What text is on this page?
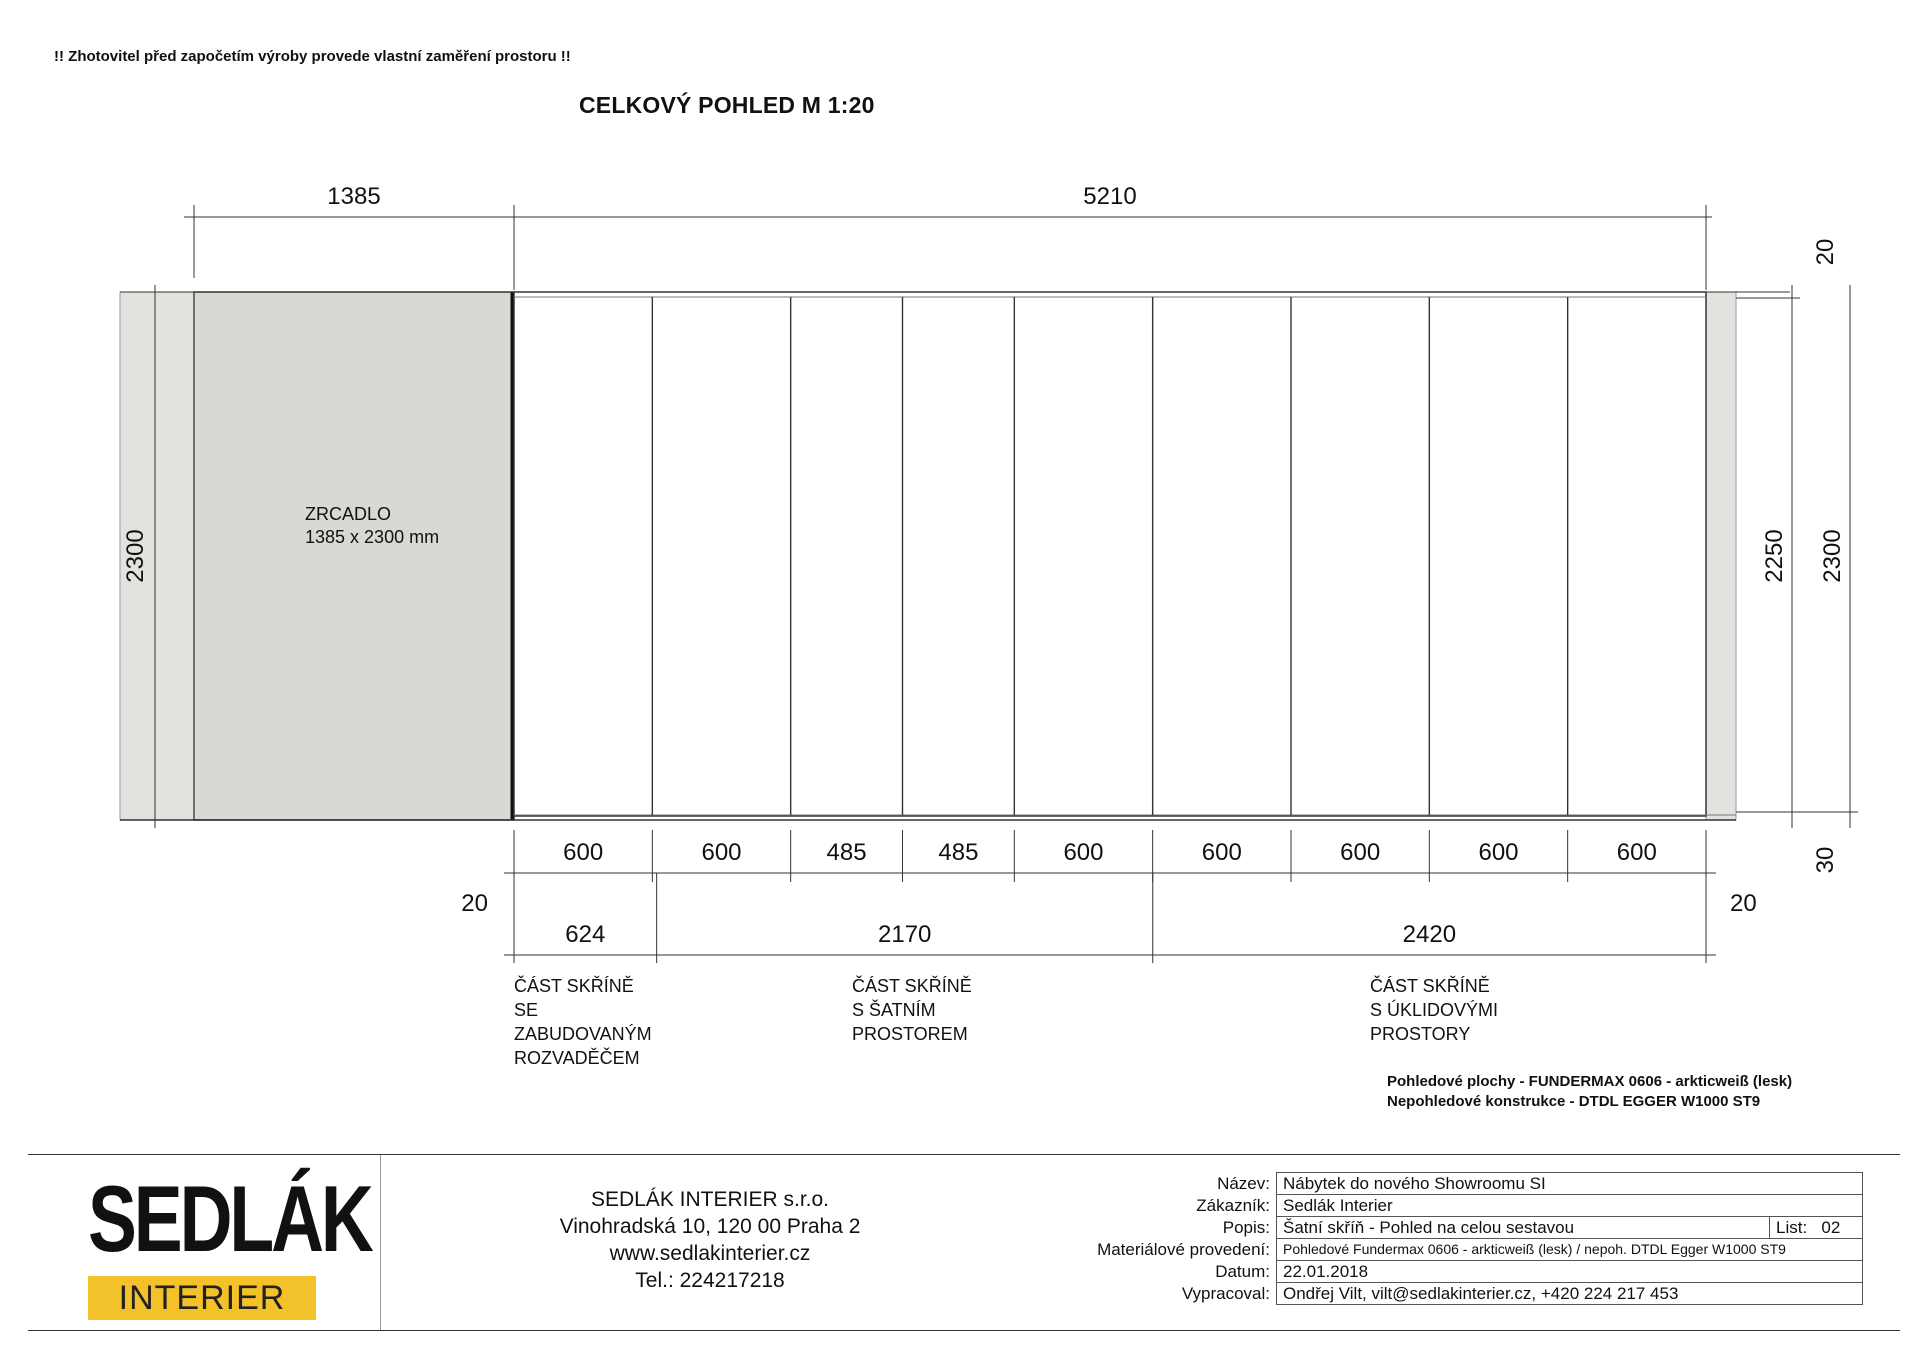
!! Zhotovitel před započetím výroby provede vlastní zaměření prostoru !!
CELKOVÝ POHLED M 1:20
ZRCADLO
1385 x 2300 mm
1385	5210
2300	2250 2300
20
30
600	600	485	485	600	600	600	600	600
624	2170	2420
20	20
ČÁST SKŘÍNĚ
SE
ZABUDOVANÝM
ROZVADĚČEM
ČÁST SKŘÍNĚ
S ŠATNÍM
PROSTOREM
ČÁST SKŘÍNĚ
S ÚKLIDOVÝMI
PROSTORY
Pohledové plochy - FUNDERMAX 0606 - arkticweiß (lesk)
Nepohledové konstrukce - DTDL EGGER W1000 ST9
SEDLÁK
INTERIER
SEDLÁK INTERIER s.r.o.
Vinohradská 10, 120 00 Praha 2
www.sedlakinterier.cz
Tel.: 224217218
Název:	Nábytek do nového Showroomu SI	
Zákazník:	Sedlák Interier	
Popis:	Šatní skříň - Pohled na celou sestavou	List: 02
Materiálové provedení:	Pohledové Fundermax 0606 - arkticweiß (lesk) / nepoh. DTDL Egger W1000 ST9	
Datum:	22.01.2018	
Vypracoval:	Ondřej Vilt, vilt@sedlakinterier.cz, +420 224 217 453	
